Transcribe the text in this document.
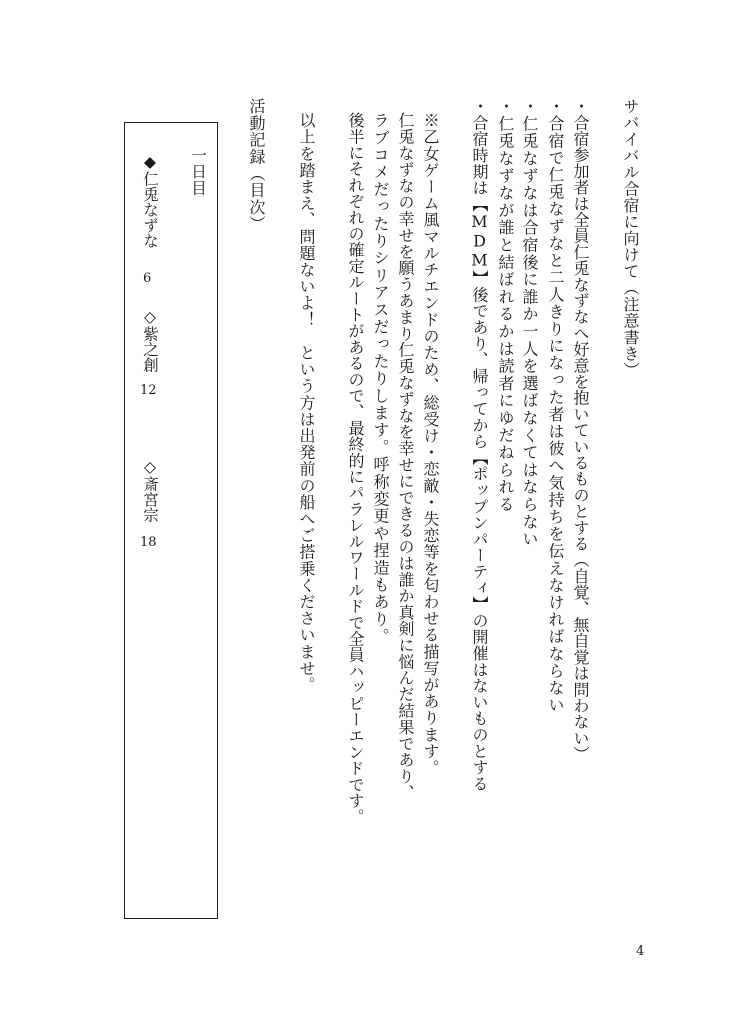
サバイバル合宿に向けて（注意書き）
・合宿参加者は全員仁兎なずなへ好意を抱いているものとする（自覚、無自覚は問わない）
・合宿で仁兎なずなと二人きりになった者は彼へ気持ちを伝えなければならない
・仁兎なずなは合宿後に誰か一人を選ばなくてはならない
・仁兎なずなが誰と結ばれるかは読者にゆだねられる
・合宿時期は【MDM】後であり、帰ってから【ポップンパーティ】の開催はないものとする
※乙女ゲーム風マルチエンドのため、総受け・恋敵・失恋等を匂わせる描写があります。
仁兎なずなの幸せを願うあまり仁兎なずなを幸せにできるのは誰か真剣に悩んだ結果であり、
ラブコメだったりシリアスだったりします。呼称変更や捏造もあり。
後半にそれぞれの確定ルートがあるので、最終的にパラレルワールドで全員ハッピーエンドです。
以上を踏まえ、問題ないよ！　という方は出発前の船へご搭乗くださいませ。
活動記録（目次）
一日目
◆仁兎なずな
6
◇紫之創
12
◇斎宮宗
18
4
